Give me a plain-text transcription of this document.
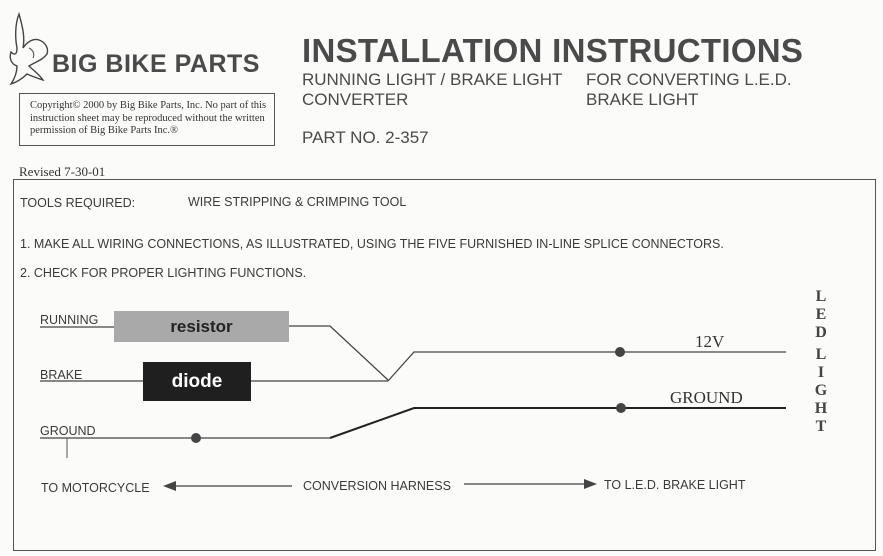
BIG BIKE PARTS
Copyright© 2000 by Big Bike Parts, Inc. No part of this instruction sheet may be reproduced without the written permission of Big Bike Parts Inc.®
INSTALLATION INSTRUCTIONS
RUNNING LIGHT / BRAKE LIGHT
CONVERTER
FOR CONVERTING L.E.D.
BRAKE LIGHT
PART NO. 2-357
Revised 7-30-01
TOOLS REQUIRED:	WIRE STRIPPING & CRIMPING TOOL
1. MAKE ALL WIRING CONNECTIONS, AS ILLUSTRATED, USING THE FIVE FURNISHED IN-LINE SPLICE CONNECTORS.
2. CHECK FOR PROPER LIGHTING FUNCTIONS.
RUNNING
BRAKE
GROUND
resistor
diode
12V
GROUND
L
E
D

L
I
G
H
T
TO MOTORCYCLE	CONVERSION HARNESS	TO L.E.D. BRAKE LIGHT
